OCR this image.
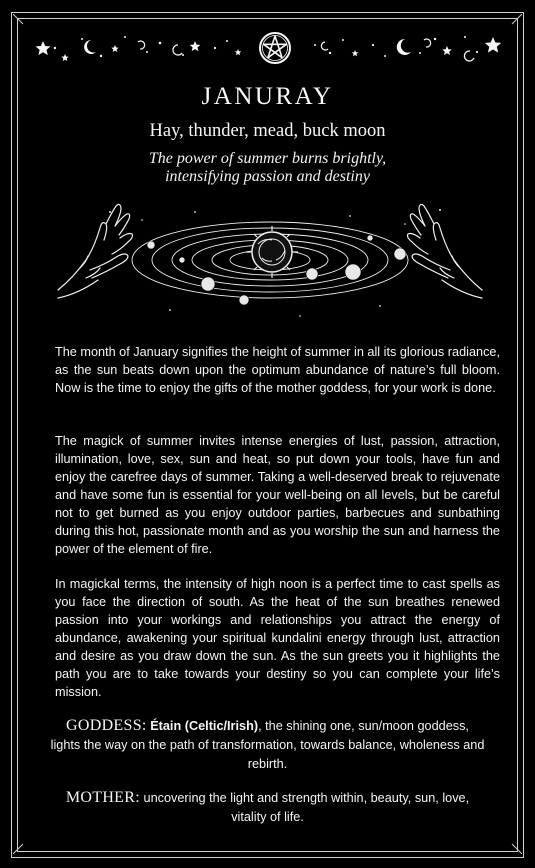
JANURAY
Hay, thunder, mead, buck moon
The power of summer burns brightly, intensifying passion and destiny

The month of January signifies the height of summer in all its glorious radiance, as the sun beats down upon the optimum abundance of nature’s full bloom. Now is the time to enjoy the gifts of the mother goddess, for your work is done.

The magick of summer invites intense energies of lust, passion, attraction, illumination, love, sex, sun and heat, so put down your tools, have fun and enjoy the carefree days of summer. Taking a well-deserved break to rejuvenate and have some fun is essential for your well-being on all levels, but be careful not to get burned as you enjoy outdoor parties, barbecues and sunbathing during this hot, passionate month and as you worship the sun and harness the power of the element of fire.

In magickal terms, the intensity of high noon is a perfect time to cast spells as you face the direction of south. As the heat of the sun breathes renewed passion into your workings and relationships you attract the energy of abundance, awakening your spiritual kundalini energy through lust, attraction and desire as you draw down the sun. As the sun greets you it highlights the path you are to take towards your destiny so you can complete your life’s mission.

GODDESS: Étain (Celtic/Irish), the shining one, sun/moon goddess, lights the way on the path of transformation, towards balance, wholeness and rebirth.

MOTHER: uncovering the light and strength within, beauty, sun, love, vitality of life.
